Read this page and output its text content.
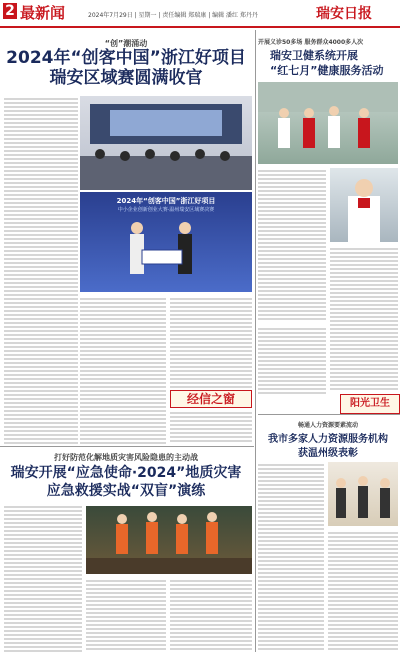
2 最新闻	2024年7月29日 | 星期一 | 责任编辑 郑瑞康 | 编辑 潘红 郑丹丹	瑞安日报
“创”潮涌动
2024年“创客中国”浙江好项目
瑞安区域赛圆满收官
2024年“创客中国”浙江好项目
中小企业创新创业大赛·温州瑞安区域赛决赛
经信之窗
打好防范化解地质灾害风险隐患的主动战
瑞安开展“应急使命·2024”地质灾害
应急救援实战“双盲”演练
开展义诊50多场 服务群众4000多人次
瑞安卫健系统开展
“红七月”健康服务活动
阳光卫生
畅通人力资源要素流动
我市多家人力资源服务机构
获温州级表彰
